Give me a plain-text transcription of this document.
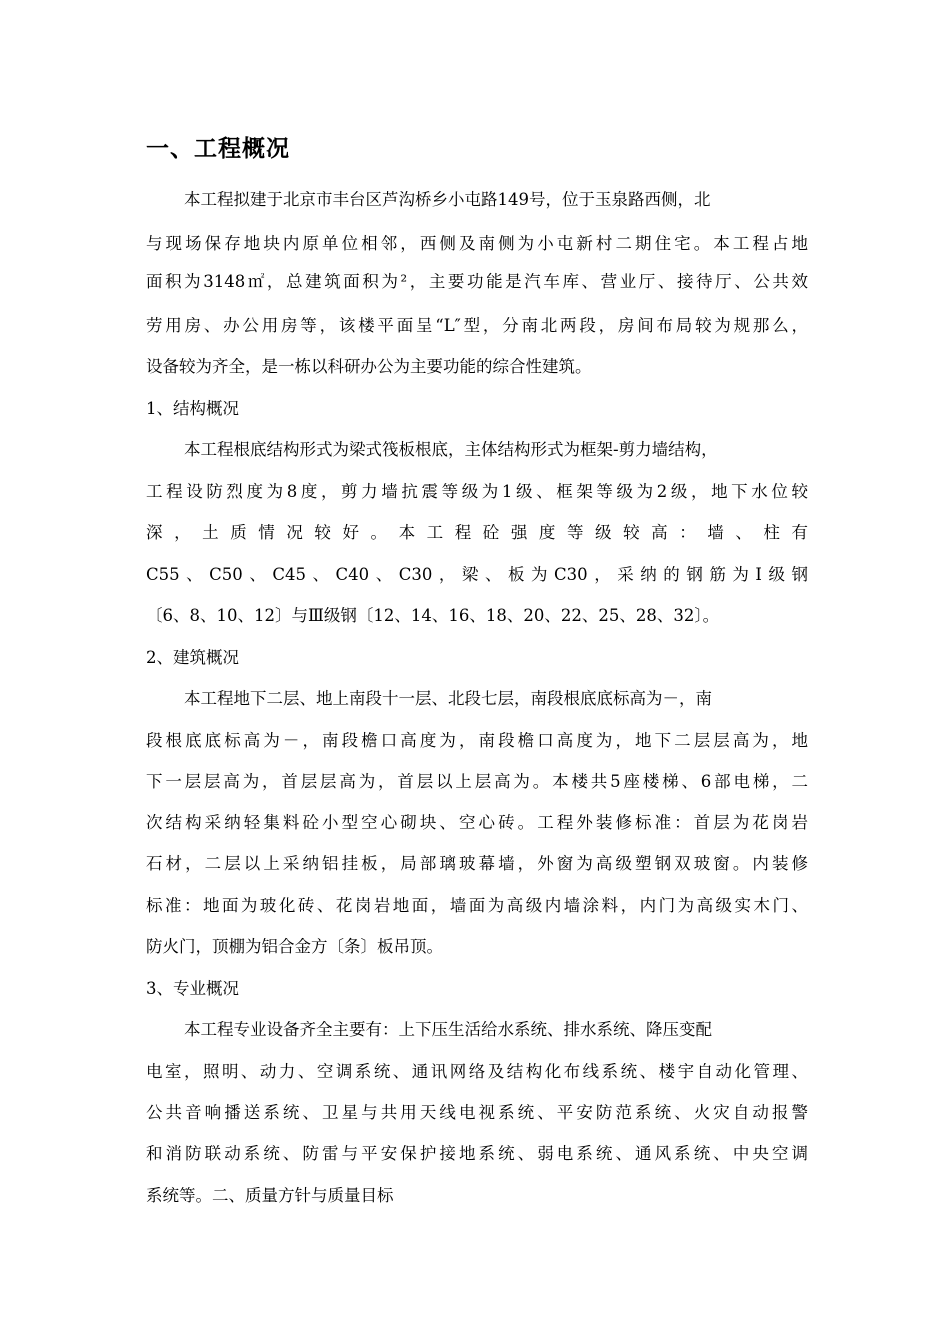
一、工程概况
本工程拟建于北京市丰台区芦沟桥乡小屯路149号，位于玉泉路西侧，北
与现场保存地块内原单位相邻，西侧及南侧为小屯新村二期住宅。本工程占地
面积为3148㎡，总建筑面积为²，主要功能是汽车库、营业厅、接待厅、公共效
劳用房、办公用房等，该楼平面呈“L″型，分南北两段，房间布局较为规那么，
设备较为齐全，是一栋以科研办公为主要功能的综合性建筑。
1、结构概况
本工程根底结构形式为梁式筏板根底，主体结构形式为框架-剪力墙结构，
工程设防烈度为8度，剪力墙抗震等级为1级、框架等级为2级，地下水位较
深，土质情况较好。本工程砼强度等级较高：墙、柱有
C55、C50、C45、C40、C30，梁、板为C30，采纳的钢筋为Ⅰ级钢
〔6、8、10、12〕与Ⅲ级钢〔12、14、16、18、20、22、25、28、32〕。
2、建筑概况
本工程地下二层、地上南段十一层、北段七层，南段根底底标高为－，南
段根底底标高为－，南段檐口高度为，南段檐口高度为，地下二层层高为，地
下一层层高为，首层层高为，首层以上层高为。本楼共5座楼梯、6部电梯，二
次结构采纳轻集料砼小型空心砌块、空心砖。工程外装修标准：首层为花岗岩
石材，二层以上采纳铝挂板，局部璃玻幕墙，外窗为高级塑钢双玻窗。内装修
标准：地面为玻化砖、花岗岩地面，墙面为高级内墙涂料，内门为高级实木门、
防火门，顶棚为铝合金方〔条〕板吊顶。
3、专业概况
本工程专业设备齐全主要有：上下压生活给水系统、排水系统、降压变配
电室，照明、动力、空调系统、通讯网络及结构化布线系统、楼宇自动化管理、
公共音响播送系统、卫星与共用天线电视系统、平安防范系统、火灾自动报警
和消防联动系统、防雷与平安保护接地系统、弱电系统、通风系统、中央空调
系统等。二、质量方针与质量目标
